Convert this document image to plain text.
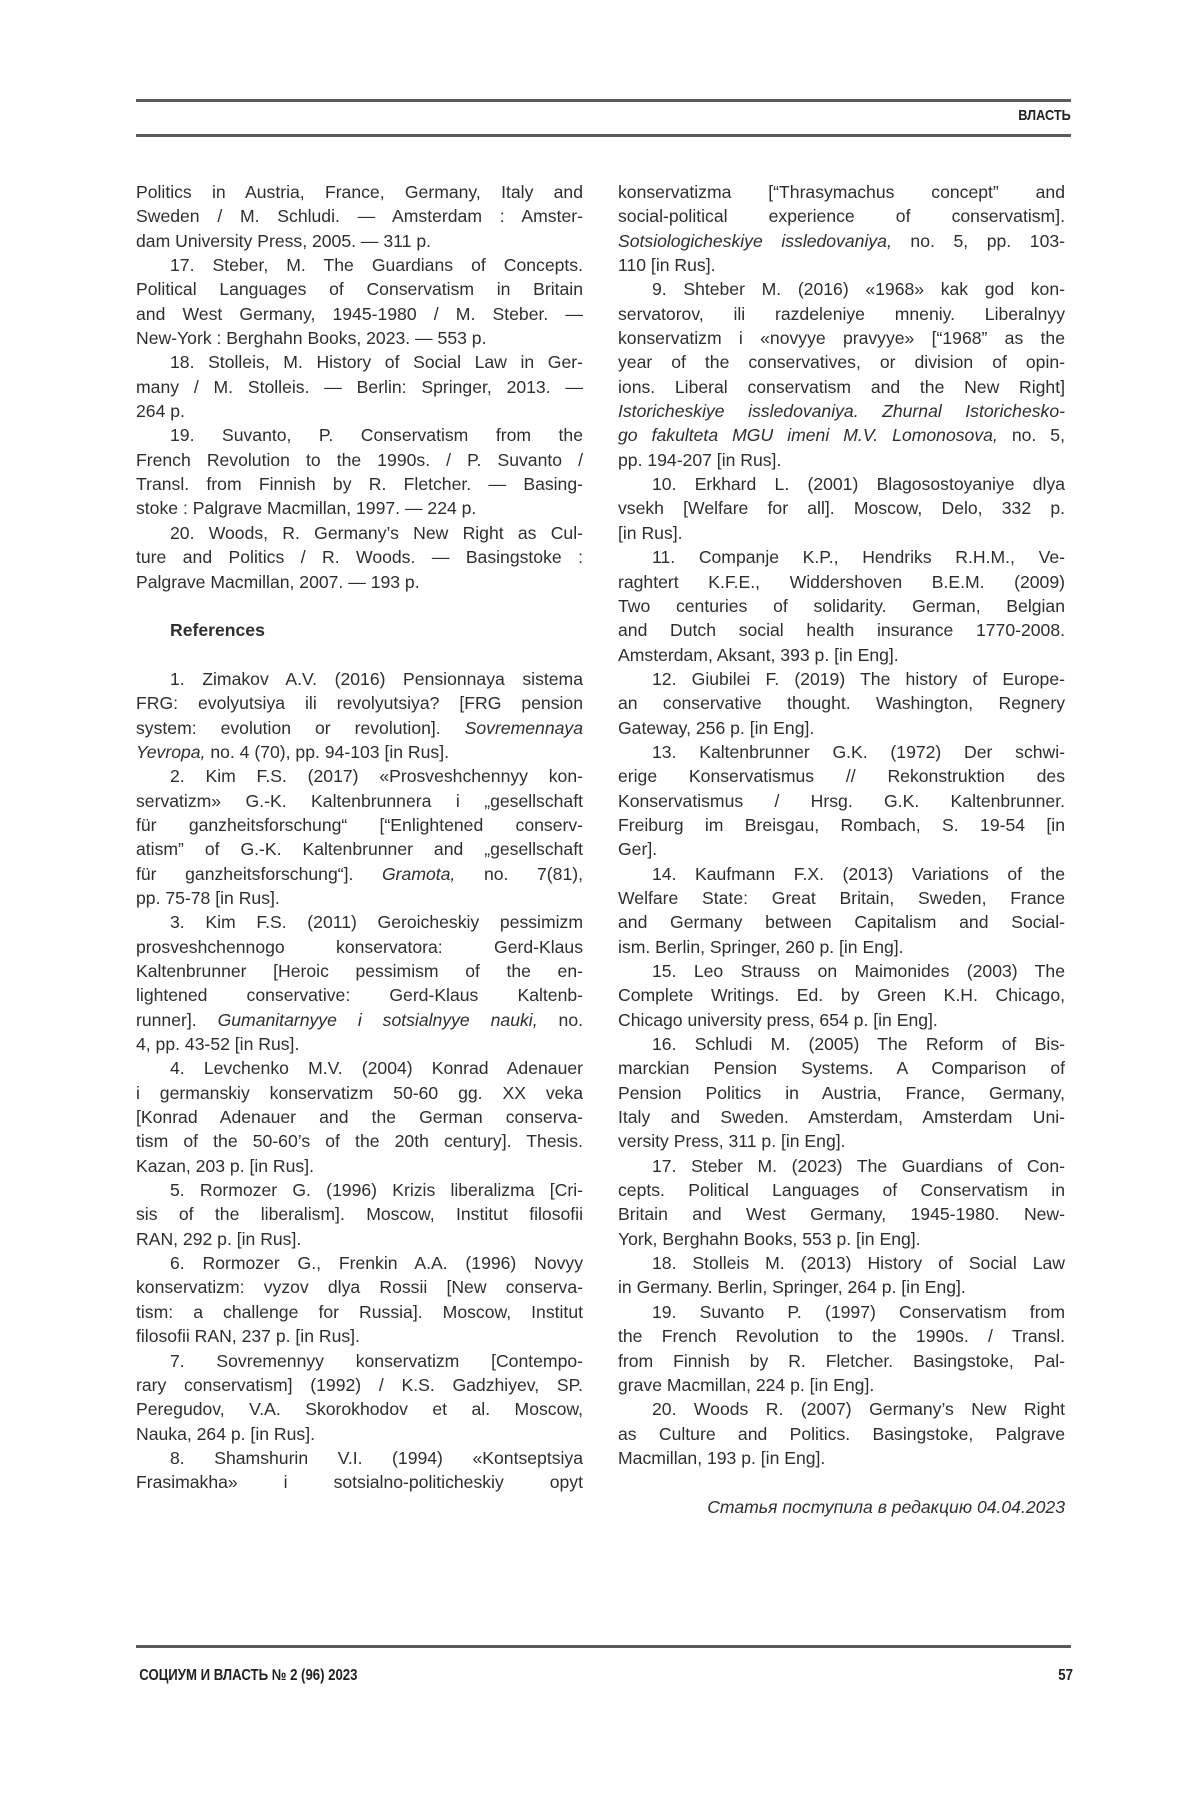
ВЛАСТЬ
Politics in Austria, France, Germany, Italy and
Sweden / M. Schludi. — Amsterdam : Amster-
dam University Press, 2005. — 311 p.
17. Steber, M. The Guardians of Concepts.
Political Languages of Conservatism in Britain
and West Germany, 1945-1980 / M. Steber. —
New-York : Berghahn Books, 2023. — 553 p.
18. Stolleis, M. History of Social Law in Ger-
many / M. Stolleis. — Berlin: Springer, 2013. —
264 p.
19. Suvanto, P. Conservatism from the
French Revolution to the 1990s. / P. Suvanto /
Transl. from Finnish by R. Fletcher. — Basing-
stoke : Palgrave Macmillan, 1997. — 224 p.
20. Woods, R. Germany’s New Right as Cul-
ture and Politics / R. Woods. — Basingstoke :
Palgrave Macmillan, 2007. — 193 p.
References
1. Zimakov A.V. (2016) Pensionnaya sistema
FRG: evolyutsiya ili revolyutsiya? [FRG pension
system: evolution or revolution]. Sovremennaya
Yevropa, no. 4 (70), pp. 94-103 [in Rus].
2. Kim F.S. (2017) «Prosveshchennyy kon-
servatizm» G.-K. Kaltenbrunnera i „gesellschaft
für ganzheitsforschung“ [“Enlightened conserv-
atism” of G.-K. Kaltenbrunner and „gesellschaft
für ganzheitsforschung“]. Gramota, no. 7(81),
pp. 75-78 [in Rus].
3. Kim F.S. (2011) Geroicheskiy pessimizm
prosveshchennogo konservatora: Gerd-Klaus
Kaltenbrunner [Heroic pessimism of the en-
lightened conservative: Gerd-Klaus Kaltenb-
runner]. Gumanitarnyye i sotsialnyye nauki, no.
4, pp. 43-52 [in Rus].
4. Levchenko M.V. (2004) Konrad Adenauer
i germanskiy konservatizm 50-60 gg. XX veka
[Konrad Adenauer and the German conserva-
tism of the 50-60’s of the 20th century]. Thesis.
Kazan, 203 p. [in Rus].
5. Rormozer G. (1996) Krizis liberalizma [Cri-
sis of the liberalism]. Moscow, Institut filosofii
RAN, 292 p. [in Rus].
6. Rormozer G., Frenkin A.A. (1996) Novyy
konservatizm: vyzov dlya Rossii [New conserva-
tism: a challenge for Russia]. Moscow, Institut
filosofii RAN, 237 p. [in Rus].
7. Sovremennyy konservatizm [Contempo-
rary conservatism] (1992) / K.S. Gadzhiyev, SP.
Peregudov, V.A. Skorokhodov et al. Moscow,
Nauka, 264 p. [in Rus].
8. Shamshurin V.I. (1994) «Kontseptsiya
Frasimakha» i sotsialno-politicheskiy opyt
konservatizma [“Thrasymachus concept” and
social-political experience of conservatism].
Sotsiologicheskiye issledovaniya, no. 5, pp. 103-
110 [in Rus].
9. Shteber M. (2016) «1968» kak god kon-
servatorov, ili razdeleniye mneniy. Liberalnyy
konservatizm i «novyye pravyye» [“1968” as the
year of the conservatives, or division of opin-
ions. Liberal conservatism and the New Right]
Istoricheskiye issledovaniya. Zhurnal Istorichesko-
go fakulteta MGU imeni M.V. Lomonosova, no. 5,
pp. 194-207 [in Rus].
10. Erkhard L. (2001) Blagosostoyaniye dlya
vsekh [Welfare for all]. Moscow, Delo, 332 p.
[in Rus].
11. Companje K.P., Hendriks R.H.M., Ve-
raghtert K.F.E., Widdershoven B.E.M. (2009)
Two centuries of solidarity. German, Belgian
and Dutch social health insurance 1770-2008.
Amsterdam, Aksant, 393 p. [in Eng].
12. Giubilei F. (2019) The history of Europe-
an conservative thought. Washington, Regnery
Gateway, 256 p. [in Eng].
13. Kaltenbrunner G.K. (1972) Der schwi-
erige Konservatismus // Rekonstruktion des
Konservatismus / Hrsg. G.K. Kaltenbrunner.
Freiburg im Breisgau, Rombach, S. 19-54 [in
Ger].
14. Kaufmann F.X. (2013) Variations of the
Welfare State: Great Britain, Sweden, France
and Germany between Capitalism and Social-
ism. Berlin, Springer, 260 p. [in Eng].
15. Leo Strauss on Maimonides (2003) The
Complete Writings. Ed. by Green K.H. Chicago,
Chicago university press, 654 p. [in Eng].
16. Schludi M. (2005) The Reform of Bis-
marckian Pension Systems. A Comparison of
Pension Politics in Austria, France, Germany,
Italy and Sweden. Amsterdam, Amsterdam Uni-
versity Press, 311 p. [in Eng].
17. Steber M. (2023) The Guardians of Con-
cepts. Political Languages of Conservatism in
Britain and West Germany, 1945-1980. New-
York, Berghahn Books, 553 p. [in Eng].
18. Stolleis M. (2013) History of Social Law
in Germany. Berlin, Springer, 264 p. [in Eng].
19. Suvanto P. (1997) Conservatism from
the French Revolution to the 1990s. / Transl.
from Finnish by R. Fletcher. Basingstoke, Pal-
grave Macmillan, 224 p. [in Eng].
20. Woods R. (2007) Germany’s New Right
as Culture and Politics. Basingstoke, Palgrave
Macmillan, 193 p. [in Eng].
Статья поступила в редакцию 04.04.2023
СОЦИУМ И ВЛАСТЬ № 2 (96) 2023	57
